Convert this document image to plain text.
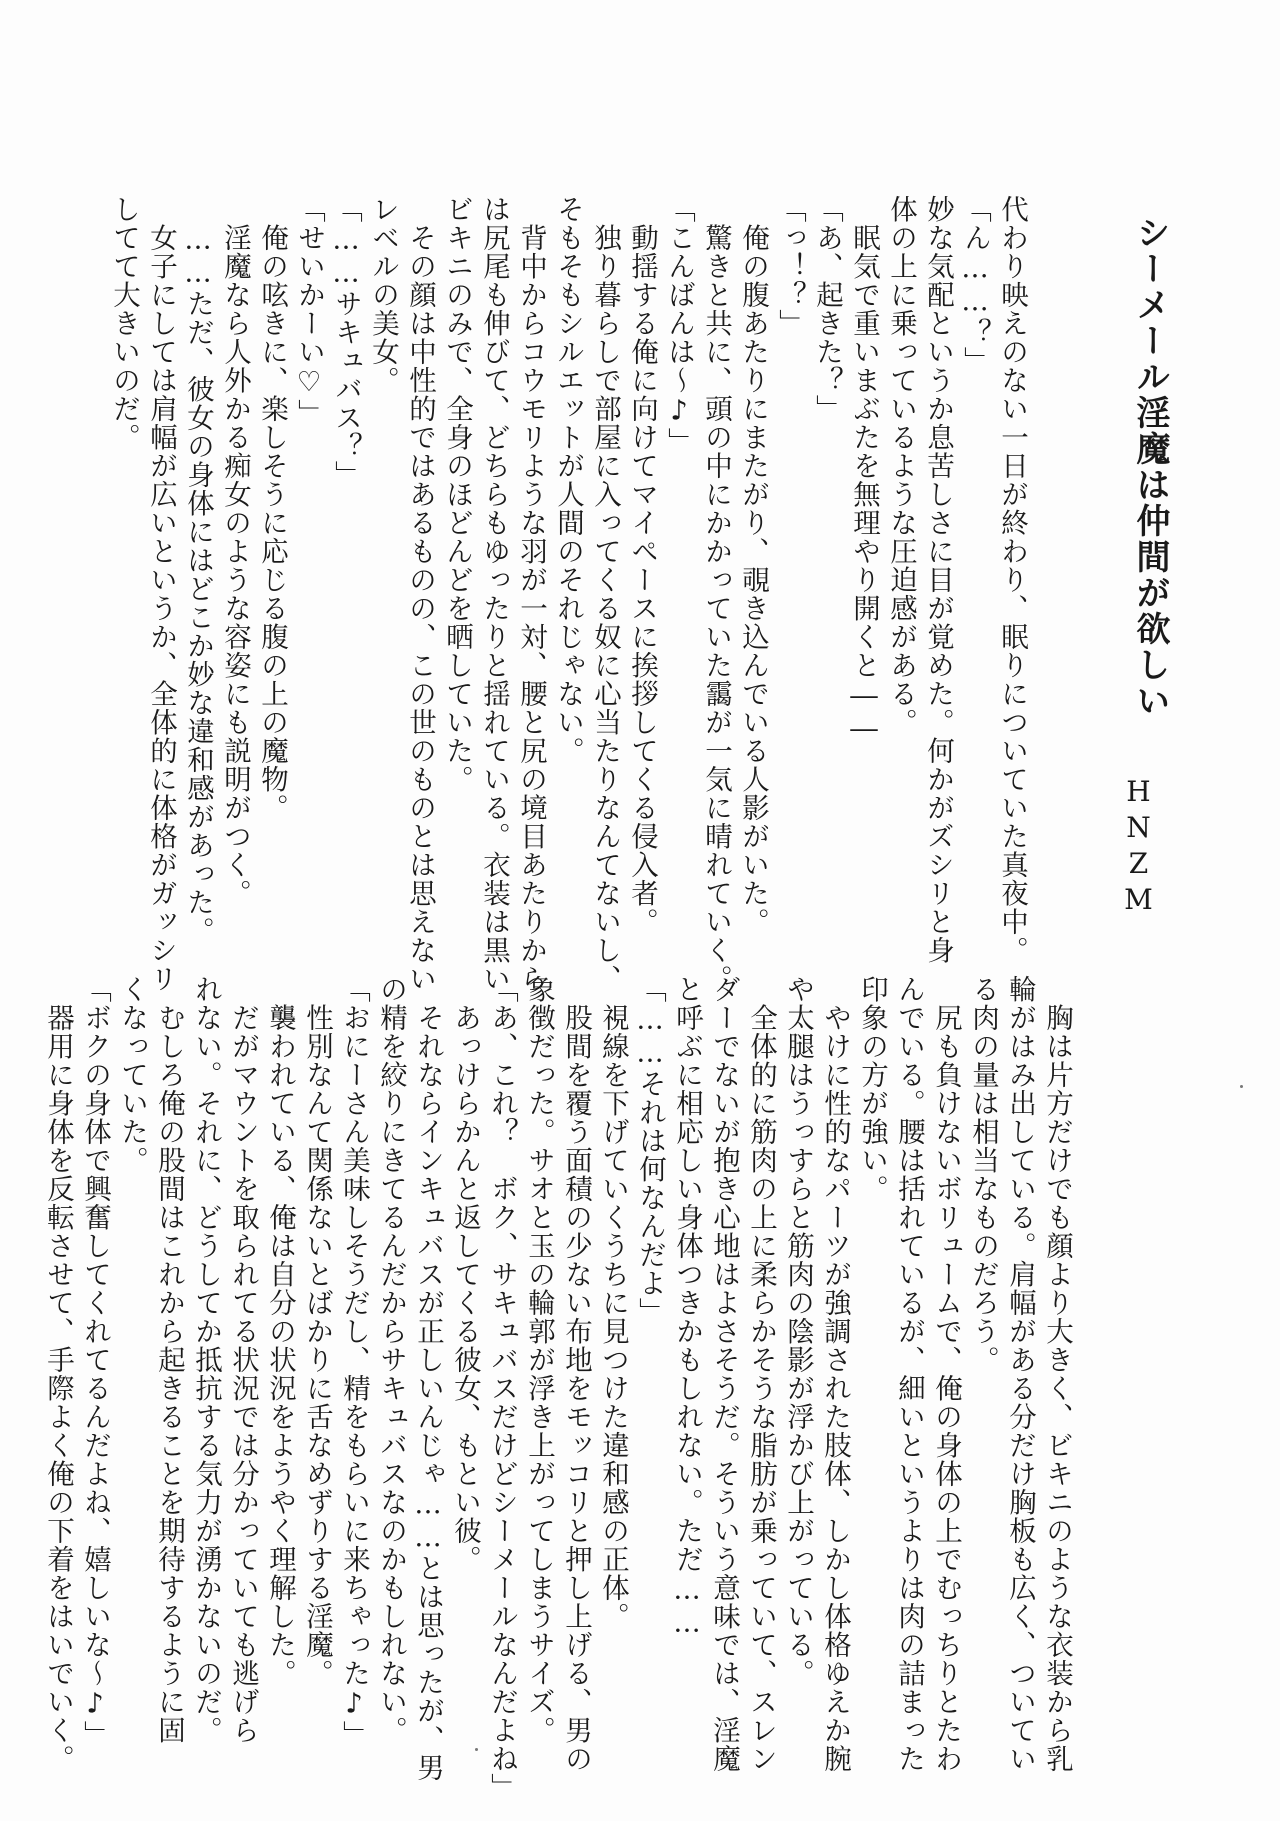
シーメール淫魔は仲間が欲しい
HNZM
代わり映えのない一日が終わり、眠りについていた真夜中。
「ん……？」
妙な気配というか息苦しさに目が覚めた。何かがズシリと身
体の上に乗っているような圧迫感がある。
　眠気で重いまぶたを無理やり開くと――
「あ、起きた？」
「っ！？」
　俺の腹あたりにまたがり、覗き込んでいる人影がいた。
　驚きと共に、頭の中にかかっていた靄が一気に晴れていく。
「こんばんは～♪」
　動揺する俺に向けてマイペースに挨拶してくる侵入者。
　独り暮らしで部屋に入ってくる奴に心当たりなんてないし、
そもそもシルエットが人間のそれじゃない。
　背中からコウモリような羽が一対、腰と尻の境目あたりから
は尻尾も伸びて、どちらもゆったりと揺れている。衣装は黒い
ビキニのみで、全身のほどんどを晒していた。
　その顔は中性的ではあるものの、この世のものとは思えない
レベルの美女。
「……サキュバス？」
「せいかーい♡」
　俺の呟きに、楽しそうに応じる腹の上の魔物。
　淫魔なら人外かる痴女のような容姿にも説明がつく。
　……ただ、彼女の身体にはどこか妙な違和感があった。
　女子にしては肩幅が広いというか、全体的に体格がガッシリ
してて大きいのだ。
　胸は片方だけでも顔より大きく、ビキニのような衣装から乳
輪がはみ出している。肩幅がある分だけ胸板も広く、ついてい
る肉の量は相当なものだろう。
　尻も負けないボリュームで、俺の身体の上でむっちりとたわ
んでいる。腰は括れているが、細いというよりは肉の詰まった
印象の方が強い。
　やけに性的なパーツが強調された肢体、しかし体格ゆえか腕
や太腿はうっすらと筋肉の陰影が浮かび上がっている。
　全体的に筋肉の上に柔らかそうな脂肪が乗っていて、スレン
ダーでないが抱き心地はよさそうだ。そういう意味では、淫魔
と呼ぶに相応しい身体つきかもしれない。ただ……
「……それは何なんだよ」
　視線を下げていくうちに見つけた違和感の正体。
　股間を覆う面積の少ない布地をモッコリと押し上げる、男の
象徴だった。サオと玉の輪郭が浮き上がってしまうサイズ。
「あ、これ？　ボク、サキュバスだけどシーメールなんだよね」
　あっけらかんと返してくる彼女、もとい彼。
　それならインキュバスが正しいんじゃ……とは思ったが、男
の精を絞りにきてるんだからサキュバスなのかもしれない。
「おにーさん美味しそうだし、精をもらいに来ちゃった♪」
　性別なんて関係ないとばかりに舌なめずりする淫魔。
　襲われている、俺は自分の状況をようやく理解した。
　だがマウントを取られてる状況では分かっていても逃げら
れない。それに、どうしてか抵抗する気力が湧かないのだ。
　むしろ俺の股間はこれから起きることを期待するように固
くなっていた。
「ボクの身体で興奮してくれてるんだよね、嬉しいな～♪」
　器用に身体を反転させて、手際よく俺の下着をはいでいく。
